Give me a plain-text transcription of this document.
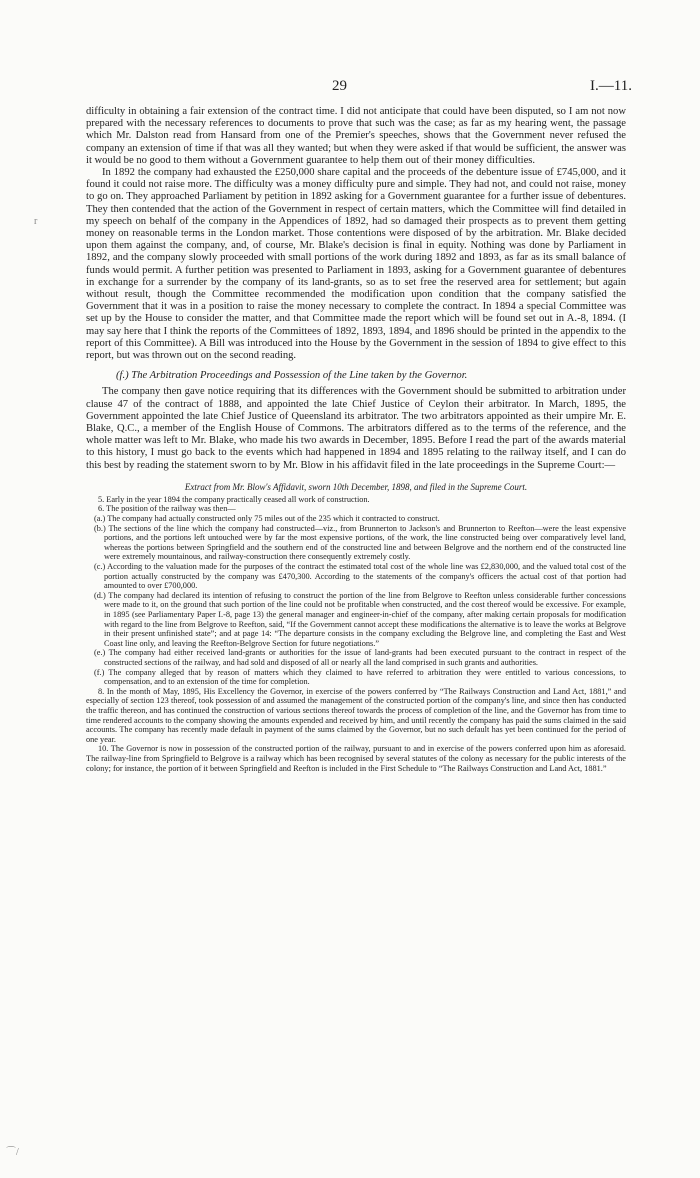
29	I.—11.
r
⌒/

difficulty in obtaining a fair extension of the contract time. I did not anticipate that could have been disputed, so I am not now prepared with the necessary references to documents to prove that such was the case; as far as my hearing went, the passage which Mr. Dalston read from Hansard from one of the Premier's speeches, shows that the Government never refused the company an extension of time if that was all they wanted; but when they were asked if that would be sufficient, the answer was it would be no good to them without a Government guarantee to help them out of their money difficulties.

In 1892 the company had exhausted the £250,000 share capital and the proceeds of the debenture issue of £745,000, and it found it could not raise more. The difficulty was a money difficulty pure and simple. They had not, and could not raise, money to go on. They approached Parliament by petition in 1892 asking for a Government guarantee for a further issue of debentures. They then contended that the action of the Government in respect of certain matters, which the Committee will find detailed in my speech on behalf of the company in the Appendices of 1892, had so damaged their prospects as to prevent them getting money on reasonable terms in the London market. Those contentions were disposed of by the arbitration. Mr. Blake decided upon them against the company, and, of course, Mr. Blake's decision is final in equity. Nothing was done by Parliament in 1892, and the company slowly proceeded with small portions of the work during 1892 and 1893, as far as its small balance of funds would permit. A further petition was presented to Parliament in 1893, asking for a Government guarantee of debentures in exchange for a surrender by the company of its land-grants, so as to set free the reserved area for settlement; but again without result, though the Committee recommended the modification upon condition that the company satisfied the Government that it was in a position to raise the money necessary to complete the contract. In 1894 a special Committee was set up by the House to consider the matter, and that Committee made the report which will be found set out in A.-8, 1894. (I may say here that I think the reports of the Committees of 1892, 1893, 1894, and 1896 should be printed in the appendix to the report of this Committee). A Bill was introduced into the House by the Government in the session of 1894 to give effect to this report, but was thrown out on the second reading.

(f.) The Arbitration Proceedings and Possession of the Line taken by the Governor.

The company then gave notice requiring that its differences with the Government should be submitted to arbitration under clause 47 of the contract of 1888, and appointed the late Chief Justice of Ceylon their arbitrator. In March, 1895, the Government appointed the late Chief Justice of Queensland its arbitrator. The two arbitrators appointed as their umpire Mr. E. Blake, Q.C., a member of the English House of Commons. The arbitrators differed as to the terms of the reference, and the whole matter was left to Mr. Blake, who made his two awards in December, 1895. Before I read the part of the awards material to this history, I must go back to the events which had happened in 1894 and 1895 relating to the railway itself, and I can do this best by reading the statement sworn to by Mr. Blow in his affidavit filed in the late proceedings in the Supreme Court:—

Extract from Mr. Blow's Affidavit, sworn 10th December, 1898, and filed in the Supreme Court.

5. Early in the year 1894 the company practically ceased all work of construction.

6. The position of the railway was then—

(a.) The company had actually constructed only 75 miles out of the 235 which it contracted to construct.

(b.) The sections of the line which the company had constructed—viz., from Brunnerton to Jackson's and Brunnerton to Reefton—were the least expensive portions, and the portions left untouched were by far the most expensive portions, of the work, the line constructed being over comparatively level land, whereas the portions between Springfield and the southern end of the constructed line and between Belgrove and the northern end of the constructed line were extremely mountainous, and railway-construction there consequently extremely costly.

(c.) According to the valuation made for the purposes of the contract the estimated total cost of the whole line was £2,830,000, and the valued total cost of the portion actually constructed by the company was £470,300. According to the statements of the company's officers the actual cost of that portion had amounted to over £700,000.

(d.) The company had declared its intention of refusing to construct the portion of the line from Belgrove to Reefton unless considerable further concessions were made to it, on the ground that such portion of the line could not be profitable when constructed, and the cost thereof would be excessive. For example, in 1895 (see Parliamentary Paper I.-8, page 13) the general manager and engineer-in-chief of the company, after making certain proposals for modification with regard to the line from Belgrove to Reefton, said, “If the Government cannot accept these modifications the alternative is to leave the works at Belgrove in their present unfinished state”; and at page 14: “The departure consists in the company excluding the Belgrove line, and completing the East and West Coast line only, and leaving the Reefton-Belgrove Section for future negotiations.”

(e.) The company had either received land-grants or authorities for the issue of land-grants had been executed pursuant to the contract in respect of the constructed sections of the railway, and had sold and disposed of all or nearly all the land comprised in such grants and authorities.

(f.) The company alleged that by reason of matters which they claimed to have referred to arbitration they were entitled to various concessions, to compensation, and to an extension of the time for completion.

8. In the month of May, 1895, His Excellency the Governor, in exercise of the powers conferred by “The Railways Construction and Land Act, 1881,” and especially of section 123 thereof, took possession of and assumed the management of the constructed portion of the company's line, and since then has conducted the traffic thereon, and has continued the construction of various sections thereof towards the process of completion of the line, and the Governor has from time to time rendered accounts to the company showing the amounts expended and received by him, and until recently the company has paid the sums claimed in the said accounts. The company has recently made default in payment of the sums claimed by the Governor, but no such default has yet been continued for the period of one year.

10. The Governor is now in possession of the constructed portion of the railway, pursuant to and in exercise of the powers conferred upon him as aforesaid. The railway-line from Springfield to Belgrove is a railway which has been recognised by several statutes of the colony as necessary for the public interests of the colony; for instance, the portion of it between Springfield and Reefton is included in the First Schedule to “The Railways Construction and Land Act, 1881.”
